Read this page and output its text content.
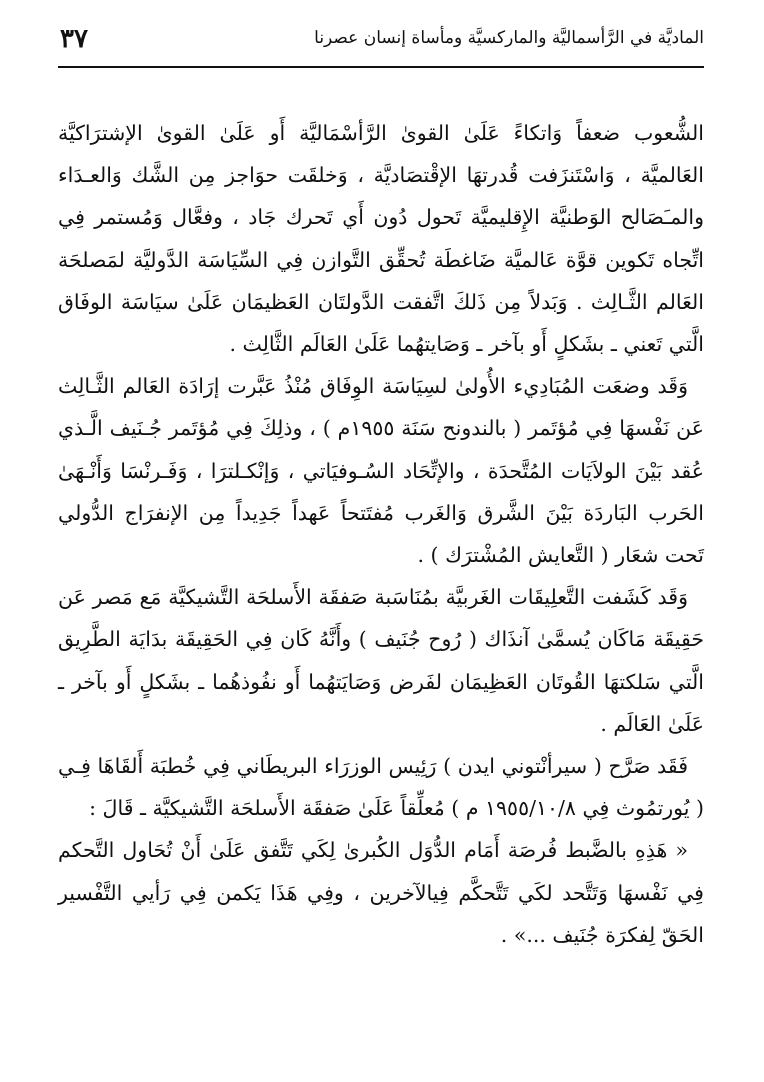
الماديَّة في الرَّأسماليَّة والماركسيَّة ومأساة إنسان عصرنا
٣٧

الشُّعوب ضعفاً وَاتكاءً عَلَىٰ القوىٰ الرَّأسْمَاليَّة أَو عَلَىٰ القوىٰ الإشترَاكيَّة العَالميَّة ، وَاسْتَنزَفت قُدرتهَا الإقْتصَاديَّة ، وَخلقَت حوَاجز مِن الشَّك وَالعـدَاء والمـَصَالح الوَطنيَّة الإِقليميَّة تَحول دُون أَي تَحرك جَاد ، وفعَّال وَمُستمر فِي اتِّجاه تَكوين قوَّة عَالميَّة ضَاغطَة تُحقِّق التَّوازن فِي السِّيَاسَة الدَّوليَّة لمَصلحَة العَالم الثَّـالِث . وَبَدلاً مِن ذَلكَ اتَّفقت الدَّولتَان العَظيمَان عَلَىٰ سيَاسَة الوفَاق الَّتي تَعني ـ بشَكلٍ أَو بآخر ـ وَصَايتهُما عَلَىٰ العَالَم الثَّالِث .

وَقَد وضعَت المُبَادِيء الأُولىٰ لسِيَاسَة الوِفَاق مُنْذُ عَبَّرت إرَادَة العَالم الثَّـالِث عَن نَفْسهَا فِي مُؤتَمر ( بالندونح سَنَة ١٩٥٥م ) ، وذلِكَ فِي مُؤتَمر جُـنَيف الَّـذي عُقد بَيْنَ الولاَيَات المُتَّحدَة ، والإتِّحَاد السُـوفيَاتي ، وَإنْكـلترَا ، وَفَـرنْسَا وَأَنْـهَىٰ الحَرب البَاردَة بَيْنَ الشَّرق وَالغَرب مُفتَتحاً عَهداً جَدِيداً مِن الإنفرَاج الدُّولي تَحت شعَار ( التَّعايش المُشْترَك ) .

وَقَد كَشَفت التَّعلِيقَات الغَربيَّة بمُنَاسَبة صَفقَة الأَسلحَة التَّشيكيَّة مَع مَصر عَن حَقِيقَة مَاكَان يُسمَّىٰ آنذَاك ( رُوح جُنَيف ) وأَنَّهُ كَان فِي الحَقِيقَة بدَايَة الطَّرِيق الَّتي سَلكتهَا القُوتَان العَظِيمَان لفَرض وَصَايَتهُما أَو نفُوذهُما ـ بشَكلٍ أَو بآخر ـ عَلَىٰ العَالَم .

فَقَد صَرَّح ( سيرأنْتوني ايدن ) رَئِيس الوزرَاء البريطَاني فِي خُطبَة أَلقَاهَا فِـي ( يُورتمُوث فِي ١٩٥٥/١٠/٨ م ) مُعلِّقاً عَلَىٰ صَفقَة الأَسلحَة التَّشيكيَّة ـ قَالَ :

« هَذِهِ بالضَّبط فُرصَة أَمَام الدُّوَل الكُبرىٰ لِكَي تَتَّفق عَلَىٰ أَنْ تُحَاول التَّحكم فِي نَفْسهَا وَتَتَّحد لكَي تَتَّحكَّم فِيالآخرين ، وفِي هَذَا يَكمن فِي رَأيي التَّفْسير الحَقّ لِفكرَة جُنَيف ...» .
